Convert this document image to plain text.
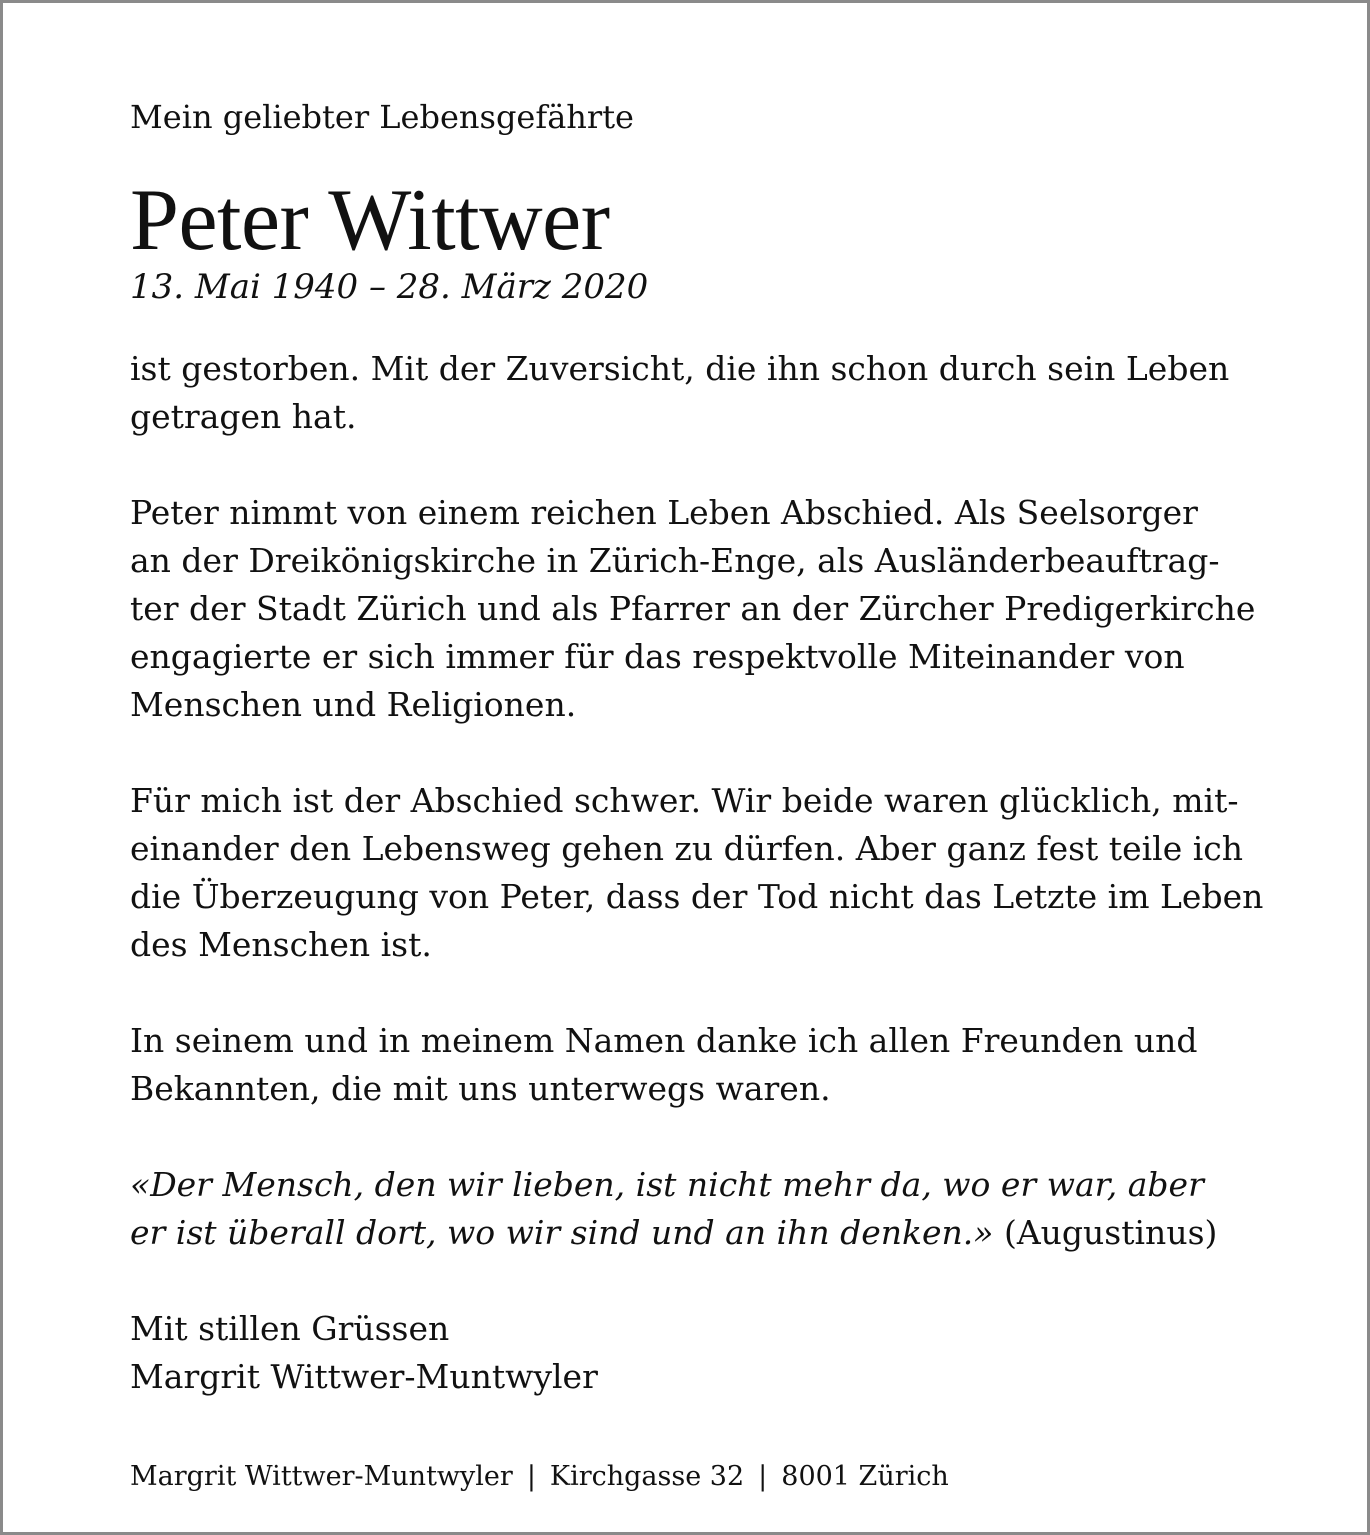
Mein geliebter Lebensgefährte
Peter Wittwer
13. Mai 1940 – 28. März 2020
ist gestorben. Mit der Zuversicht, die ihn schon durch sein Leben
getragen hat.
Peter nimmt von einem reichen Leben Abschied. Als Seelsorger
an der Dreikönigskirche in Zürich-Enge, als Ausländerbeauftrag-
ter der Stadt Zürich und als Pfarrer an der Zürcher Predigerkirche
engagierte er sich immer für das respektvolle Miteinander von
Menschen und Religionen.
Für mich ist der Abschied schwer. Wir beide waren glücklich, mit-
einander den Lebensweg gehen zu dürfen. Aber ganz fest teile ich
die Überzeugung von Peter, dass der Tod nicht das Letzte im Leben
des Menschen ist.
In seinem und in meinem Namen danke ich allen Freunden und
Bekannten, die mit uns unterwegs waren.
«Der Mensch, den wir lieben, ist nicht mehr da, wo er war, aber
er ist überall dort, wo wir sind und an ihn denken.» (Augustinus)
Mit stillen Grüssen
Margrit Wittwer-Muntwyler
Margrit Wittwer-Muntwyler | Kirchgasse 32 | 8001 Zürich
